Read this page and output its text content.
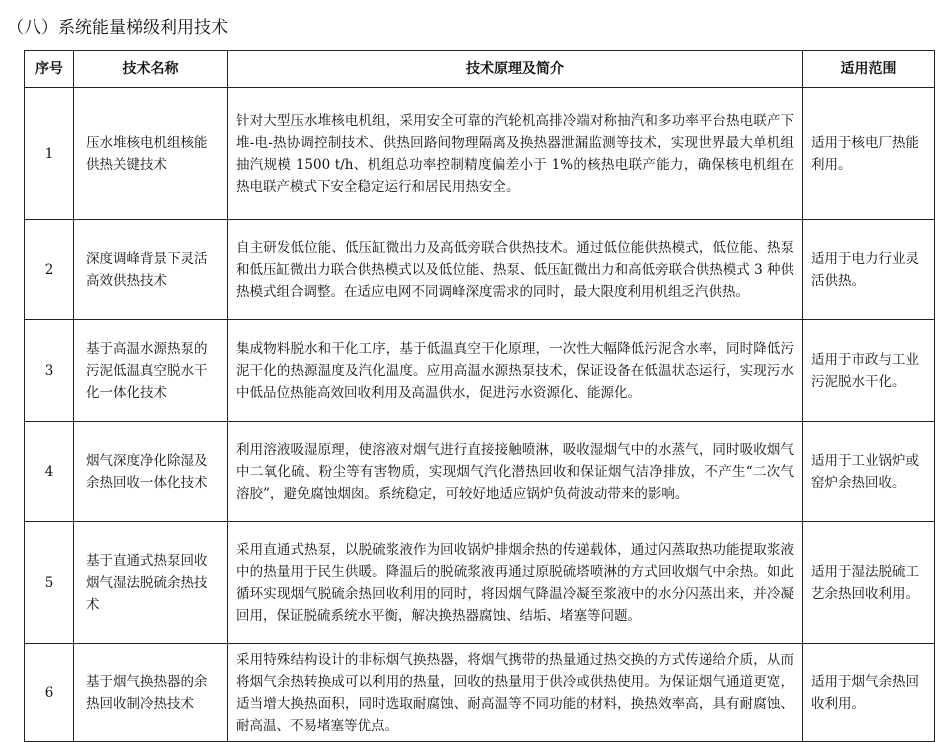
（八）系统能量梯级利用技术
序号	技术名称	技术原理及简介	适用范围
1	压水堆核电机组核能供热关键技术	针对大型压水堆核电机组，采用安全可靠的汽轮机高排冷端对称抽汽和多功率平台热电联产下堆-电-热协调控制技术、供热回路间物理隔离及换热器泄漏监测等技术，实现世界最大单机组抽汽规模 1500 t/h、机组总功率控制精度偏差小于 1%的核热电联产能力，确保核电机组在热电联产模式下安全稳定运行和居民用热安全。	适用于核电厂热能利用。
2	深度调峰背景下灵活高效供热技术	自主研发低位能、低压缸微出力及高低旁联合供热技术。通过低位能供热模式，低位能、热泵和低压缸微出力联合供热模式以及低位能、热泵、低压缸微出力和高低旁联合供热模式 3 种供热模式组合调整。在适应电网不同调峰深度需求的同时，最大限度利用机组乏汽供热。	适用于电力行业灵活供热。
3	基于高温水源热泵的污泥低温真空脱水干化一体化技术	集成物料脱水和干化工序，基于低温真空干化原理，一次性大幅降低污泥含水率，同时降低污泥干化的热源温度及汽化温度。应用高温水源热泵技术，保证设备在低温状态运行，实现污水中低品位热能高效回收利用及高温供水，促进污水资源化、能源化。	适用于市政与工业污泥脱水干化。
4	烟气深度净化除湿及余热回收一体化技术	利用溶液吸湿原理，使溶液对烟气进行直接接触喷淋，吸收湿烟气中的水蒸气，同时吸收烟气中二氧化硫、粉尘等有害物质，实现烟气汽化潜热回收和保证烟气洁净排放，不产生“二次气溶胶”，避免腐蚀烟囱。系统稳定，可较好地适应锅炉负荷波动带来的影响。	适用于工业锅炉或窑炉余热回收。
5	基于直通式热泵回收烟气湿法脱硫余热技术	采用直通式热泵，以脱硫浆液作为回收锅炉排烟余热的传递载体，通过闪蒸取热功能提取浆液中的热量用于民生供暖。降温后的脱硫浆液再通过原脱硫塔喷淋的方式回收烟气中余热。如此循环实现烟气脱硫余热回收利用的同时，将因烟气降温冷凝至浆液中的水分闪蒸出来，并冷凝回用，保证脱硫系统水平衡，解决换热器腐蚀、结垢、堵塞等问题。	适用于湿法脱硫工艺余热回收利用。
6	基于烟气换热器的余热回收制冷热技术	采用特殊结构设计的非标烟气换热器，将烟气携带的热量通过热交换的方式传递给介质，从而将烟气余热转换成可以利用的热量，回收的热量用于供冷或供热使用。为保证烟气通道更宽，适当增大换热面积，同时选取耐腐蚀、耐高温等不同功能的材料，换热效率高，具有耐腐蚀、耐高温、不易堵塞等优点。	适用于烟气余热回收利用。
